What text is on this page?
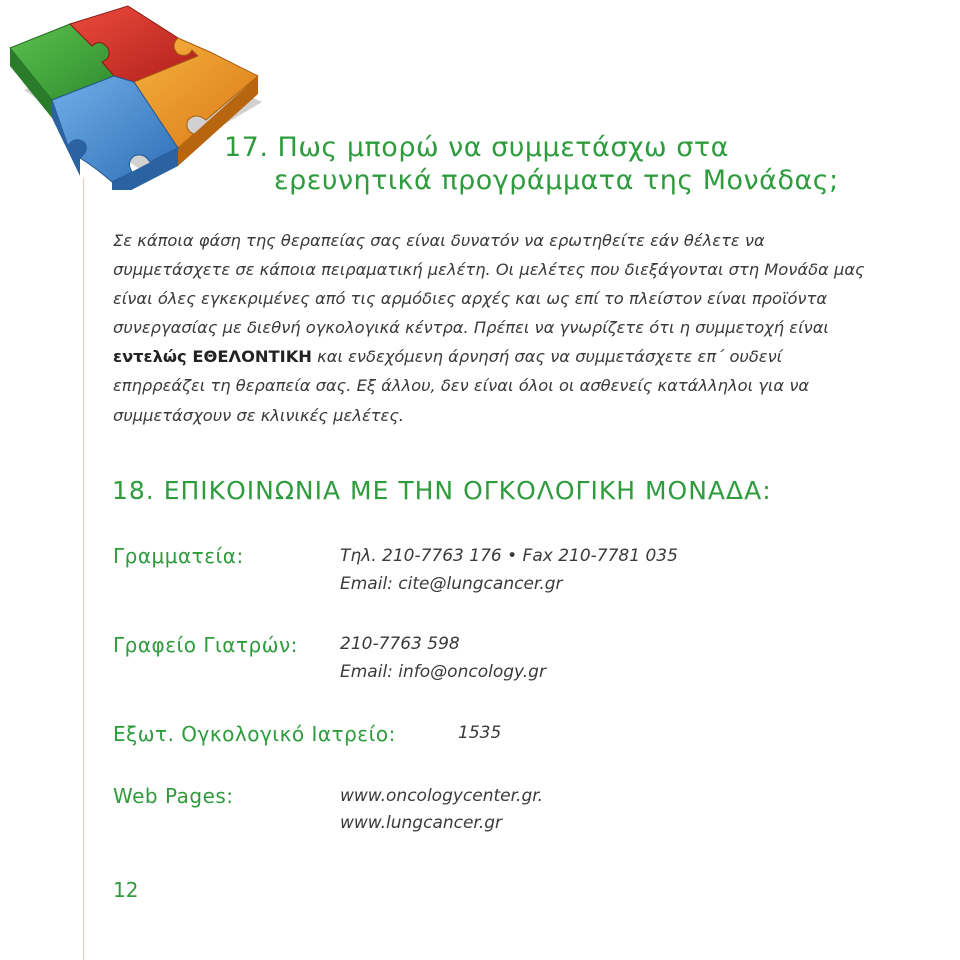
17. Πως μπορώ να συμμετάσχω στα
ερευνητικά προγράμματα της Μονάδας;

Σε κάποια φάση της θεραπείας σας είναι δυνατόν να ερωτηθείτε εάν θέλετε να συμμετάσχετε σε κάποια πειραματική μελέτη. Οι μελέτες που διεξάγονται στη Μονάδα μας είναι όλες εγκεκριμένες από τις αρμόδιες αρχές και ως επί το πλείστον είναι προϊόντα συνεργασίας με διεθνή ογκολογικά κέντρα. Πρέπει να γνωρίζετε ότι η συμμετοχή είναι εντελώς ΕΘΕΛΟΝΤΙΚΗ και ενδεχόμενη άρνησή σας να συμμετάσχετε επ΄ ουδενί επηρρεάζει τη θεραπεία σας. Εξ άλλου, δεν είναι όλοι οι ασθενείς κατάλληλοι για να συμμετάσχουν σε κλινικές μελέτες.

18. ΕΠΙΚΟΙΝΩΝΙΑ ΜΕ ΤΗΝ ΟΓΚΟΛΟΓΙΚΗ ΜΟΝΑΔΑ:
Γραμματεία:	Τηλ. 210-7763 176 • Fax 210-7781 035
Email: cite@lungcancer.gr
Γραφείο Γιατρών: 210-7763 598
Email: info@oncology.gr
Εξωτ. Ογκολογικό Ιατρείο:	1535
Web Pages:	www.oncologycenter.gr.
www.lungcancer.gr
12
